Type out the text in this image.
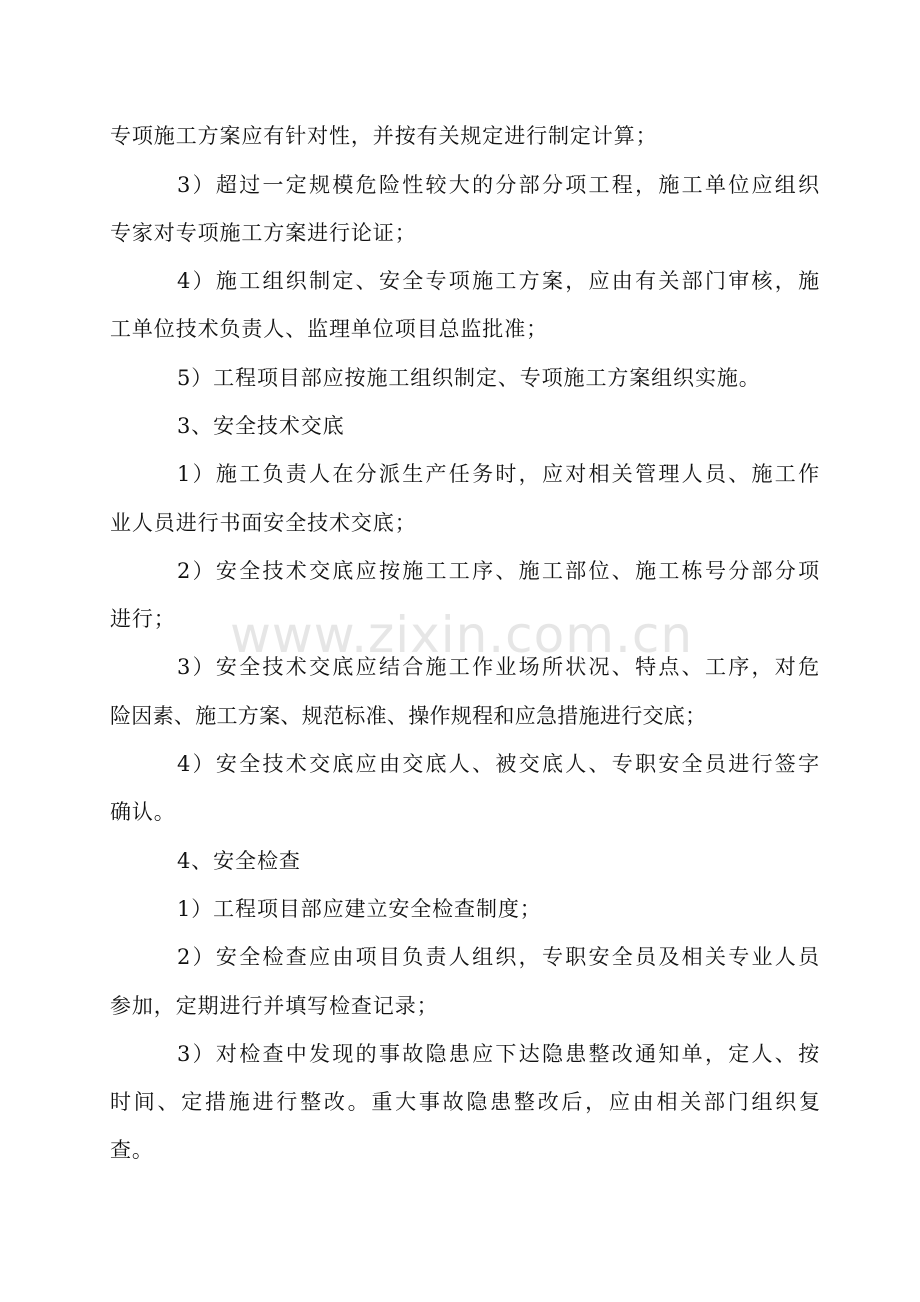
专项施工方案应有针对性，并按有关规定进行制定计算；
3）超过一定规模危险性较大的分部分项工程，施工单位应组织
专家对专项施工方案进行论证；
4）施工组织制定、安全专项施工方案，应由有关部门审核，施
工单位技术负责人、监理单位项目总监批准；
5）工程项目部应按施工组织制定、专项施工方案组织实施。
3、安全技术交底
1）施工负责人在分派生产任务时，应对相关管理人员、施工作
业人员进行书面安全技术交底；
2）安全技术交底应按施工工序、施工部位、施工栋号分部分项
进行；
3）安全技术交底应结合施工作业场所状况、特点、工序，对危
险因素、施工方案、规范标准、操作规程和应急措施进行交底；
4）安全技术交底应由交底人、被交底人、专职安全员进行签字
确认。
4、安全检查
1）工程项目部应建立安全检查制度；
2）安全检查应由项目负责人组织，专职安全员及相关专业人员
参加，定期进行并填写检查记录；
3）对检查中发现的事故隐患应下达隐患整改通知单，定人、按
时间、定措施进行整改。重大事故隐患整改后，应由相关部门组织复
查。
www.zixin.com.cn
